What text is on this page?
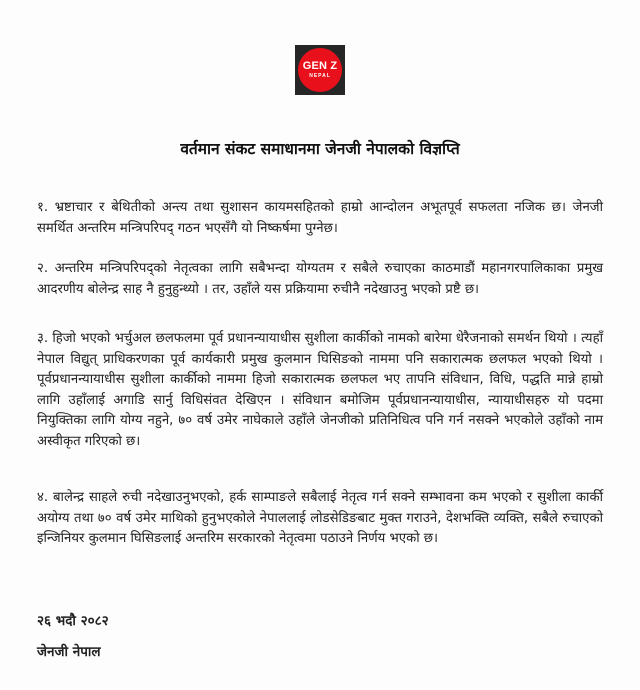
GEN Z
NEPAL
वर्तमान संकट समाधानमा जेनजी नेपालको विज्ञप्ति
१. भ्रष्टाचार र बेथितीको अन्त्य तथा सुशासन कायमसहितको हाम्रो आन्दोलन अभूतपूर्व सफलता नजिक छ। जेनजी समर्थित अन्तरिम मन्त्रिपरिपद् गठन भएसँगै यो निष्कर्षमा पुग्नेछ।
२. अन्तरिम मन्त्रिपरिपद्को नेतृत्वका लागि सबैभन्दा योग्यतम र सबैले रुचाएका काठमाडौं महानगरपालिकाका प्रमुख आदरणीय बोलेन्द्र साह नै हुनुहुन्थ्यो । तर, उहाँले यस प्रक्रियामा रुचीनै नदेखाउनु भएको प्रष्टै छ।
३. हिजो भएको भर्चुअल छलफलमा पूर्व प्रधानन्यायाधीस सुशीला कार्कीको नामको बारेमा धेरैजनाको समर्थन थियो । त्यहाँ नेपाल विद्युत् प्राधिकरणका पूर्व कार्यकारी प्रमुख कुलमान घिसिङको नाममा पनि सकारात्मक छलफल भएको थियो । पूर्वप्रधानन्यायाधीस सुशीला कार्कीको नाममा हिजो सकारात्मक छलफल भए तापनि संविधान, विधि, पद्धति मान्ने हाम्रो लागि उहाँलाई अगाडि सार्नु विधिसंवत देखिएन । संविधान बमोजिम पूर्वप्रधानन्यायाधीस, न्यायाधीसहरु यो पदमा नियुक्तिका लागि योग्य नहुने, ७० वर्ष उमेर नाघेकाले उहाँले जेनजीको प्रतिनिधित्व पनि गर्न नसक्ने भएकोले उहाँको नाम अस्वीकृत गरिएको छ।
४. बालेन्द्र साहले रुची नदेखाउनुभएको, हर्क साम्पाङले सबैलाई नेतृत्व गर्न सक्ने सम्भावना कम भएको र सुशीला कार्की अयोग्य तथा ७० वर्ष उमेर माथिको हुनुभएकोले नेपाललाई लोडसेडिङबाट मुक्त गराउने, देशभक्ति व्यक्ति, सबैले रुचाएको इन्जिनियर कुलमान घिसिङलाई अन्तरिम सरकारको नेतृत्वमा पठाउने निर्णय भएको छ।
२६ भदौ २०८२
जेनजी नेपाल
